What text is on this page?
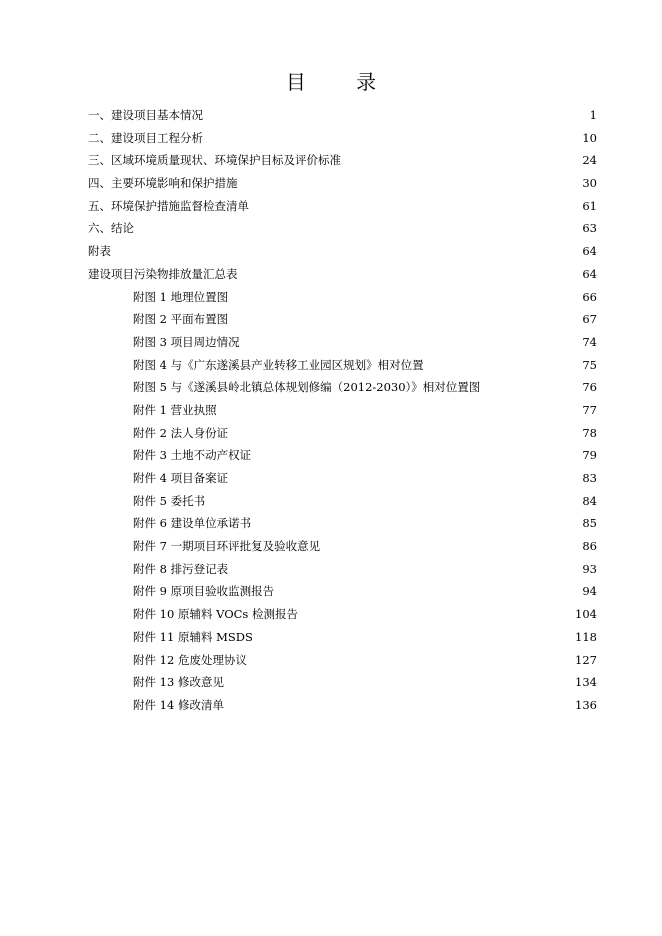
目 录
一、建设项目基本情况	1
二、建设项目工程分析	10
三、区域环境质量现状、环境保护目标及评价标准	24
四、主要环境影响和保护措施	30
五、环境保护措施监督检查清单	61
六、结论	63
附表	64
建设项目污染物排放量汇总表	64
附图 1 地理位置图	66
附图 2 平面布置图	67
附图 3 项目周边情况	74
附图 4 与《广东遂溪县产业转移工业园区规划》相对位置	75
附图 5 与《遂溪县岭北镇总体规划修编（2012-2030）》相对位置图	76
附件 1 营业执照	77
附件 2 法人身份证	78
附件 3 土地不动产权证	79
附件 4 项目备案证	83
附件 5 委托书	84
附件 6 建设单位承诺书	85
附件 7 一期项目环评批复及验收意见	86
附件 8 排污登记表	93
附件 9 原项目验收监测报告	94
附件 10 原辅料 VOCs 检测报告	104
附件 11 原辅料 MSDS	118
附件 12 危废处理协议	127
附件 13 修改意见	134
附件 14 修改清单	136
